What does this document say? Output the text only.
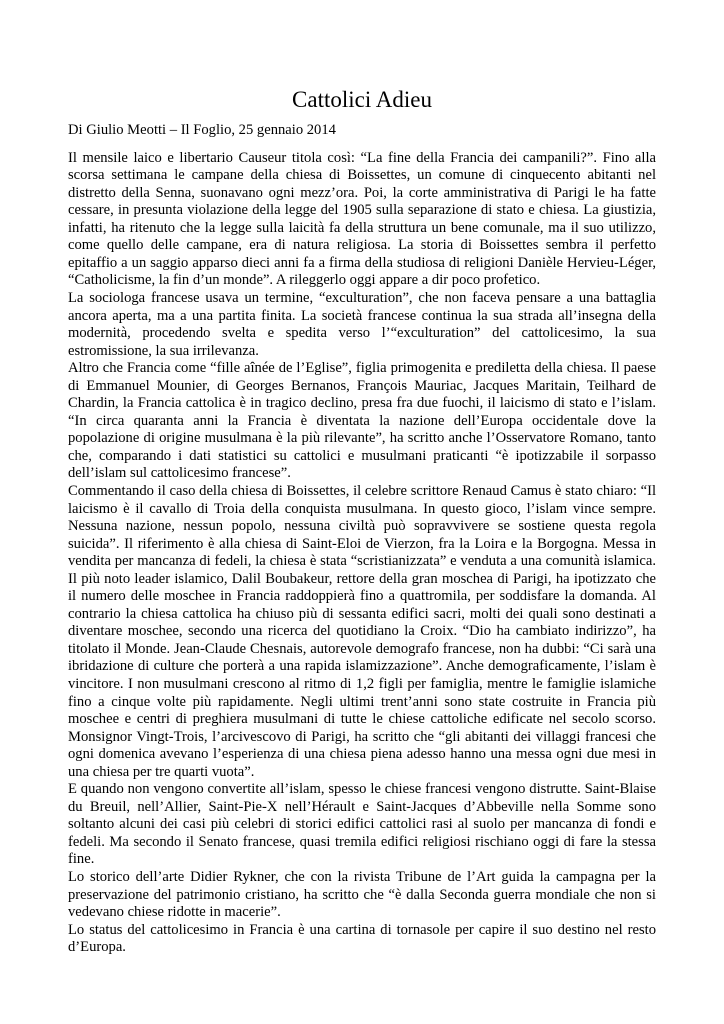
Cattolici Adieu

Di Giulio Meotti – Il Foglio, 25 gennaio 2014

Il mensile laico e libertario Causeur titola così: “La fine della Francia dei campanili?”. Fino alla scorsa settimana le campane della chiesa di Boissettes, un comune di cinquecento abitanti nel distretto della Senna, suonavano ogni mezz’ora. Poi, la corte amministrativa di Parigi le ha fatte cessare, in presunta violazione della legge del 1905 sulla separazione di stato e chiesa. La giustizia, infatti, ha ritenuto che la legge sulla laicità fa della struttura un bene comunale, ma il suo utilizzo, come quello delle campane, era di natura religiosa. La storia di Boissettes sembra il perfetto epitaffio a un saggio apparso dieci anni fa a firma della studiosa di religioni Danièle Hervieu-Léger, “Catholicisme, la fin d’un monde”. A rileggerlo oggi appare a dir poco profetico.

La sociologa francese usava un termine, “exculturation”, che non faceva pensare a una battaglia ancora aperta, ma a una partita finita. La società francese continua la sua strada all’insegna della modernità, procedendo svelta e spedita verso l’“exculturation” del cattolicesimo, la sua estromissione, la sua irrilevanza.

Altro che Francia come “fille aînée de l’Eglise”, figlia primogenita e prediletta della chiesa. Il paese di Emmanuel Mounier, di Georges Bernanos, François Mauriac, Jacques Maritain, Teilhard de Chardin, la Francia cattolica è in tragico declino, presa fra due fuochi, il laicismo di stato e l’islam. “In circa quaranta anni la Francia è diventata la nazione dell’Europa occidentale dove la popolazione di origine musulmana è la più rilevante”, ha scritto anche l’Osservatore Romano, tanto che, comparando i dati statistici su cattolici e musulmani praticanti “è ipotizzabile il sorpasso dell’islam sul cattolicesimo francese”.

Commentando il caso della chiesa di Boissettes, il celebre scrittore Renaud Camus è stato chiaro: “Il laicismo è il cavallo di Troia della conquista musulmana. In questo gioco, l’islam vince sempre. Nessuna nazione, nessun popolo, nessuna civiltà può sopravvivere se sostiene questa regola suicida”. Il riferimento è alla chiesa di Saint-Eloi de Vierzon, fra la Loira e la Borgogna. Messa in vendita per mancanza di fedeli, la chiesa è stata “scristianizzata” e venduta a una comunità islamica. Il più noto leader islamico, Dalil Boubakeur, rettore della gran moschea di Parigi, ha ipotizzato che il numero delle moschee in Francia raddoppierà fino a quattromila, per soddisfare la domanda. Al contrario la chiesa cattolica ha chiuso più di sessanta edifici sacri, molti dei quali sono destinati a diventare moschee, secondo una ricerca del quotidiano la Croix. “Dio ha cambiato indirizzo”, ha titolato il Monde. Jean-Claude Chesnais, autorevole demografo francese, non ha dubbi: “Ci sarà una ibridazione di culture che porterà a una rapida islamizzazione”. Anche demograficamente, l’islam è vincitore. I non musulmani crescono al ritmo di 1,2 figli per famiglia, mentre le famiglie islamiche fino a cinque volte più rapidamente. Negli ultimi trent’anni sono state costruite in Francia più moschee e centri di preghiera musulmani di tutte le chiese cattoliche edificate nel secolo scorso. Monsignor Vingt-Trois, l’arcivescovo di Parigi, ha scritto che “gli abitanti dei villaggi francesi che ogni domenica avevano l’esperienza di una chiesa piena adesso hanno una messa ogni due mesi in una chiesa per tre quarti vuota”.

E quando non vengono convertite all’islam, spesso le chiese francesi vengono distrutte. Saint-Blaise du Breuil, nell’Allier, Saint-Pie-X nell’Hérault e Saint-Jacques d’Abbeville nella Somme sono soltanto alcuni dei casi più celebri di storici edifici cattolici rasi al suolo per mancanza di fondi e fedeli. Ma secondo il Senato francese, quasi tremila edifici religiosi rischiano oggi di fare la stessa fine.

Lo storico dell’arte Didier Rykner, che con la rivista Tribune de l’Art guida la campagna per la preservazione del patrimonio cristiano, ha scritto che “è dalla Seconda guerra mondiale che non si vedevano chiese ridotte in macerie”.

Lo status del cattolicesimo in Francia è una cartina di tornasole per capire il suo destino nel resto d’Europa.
